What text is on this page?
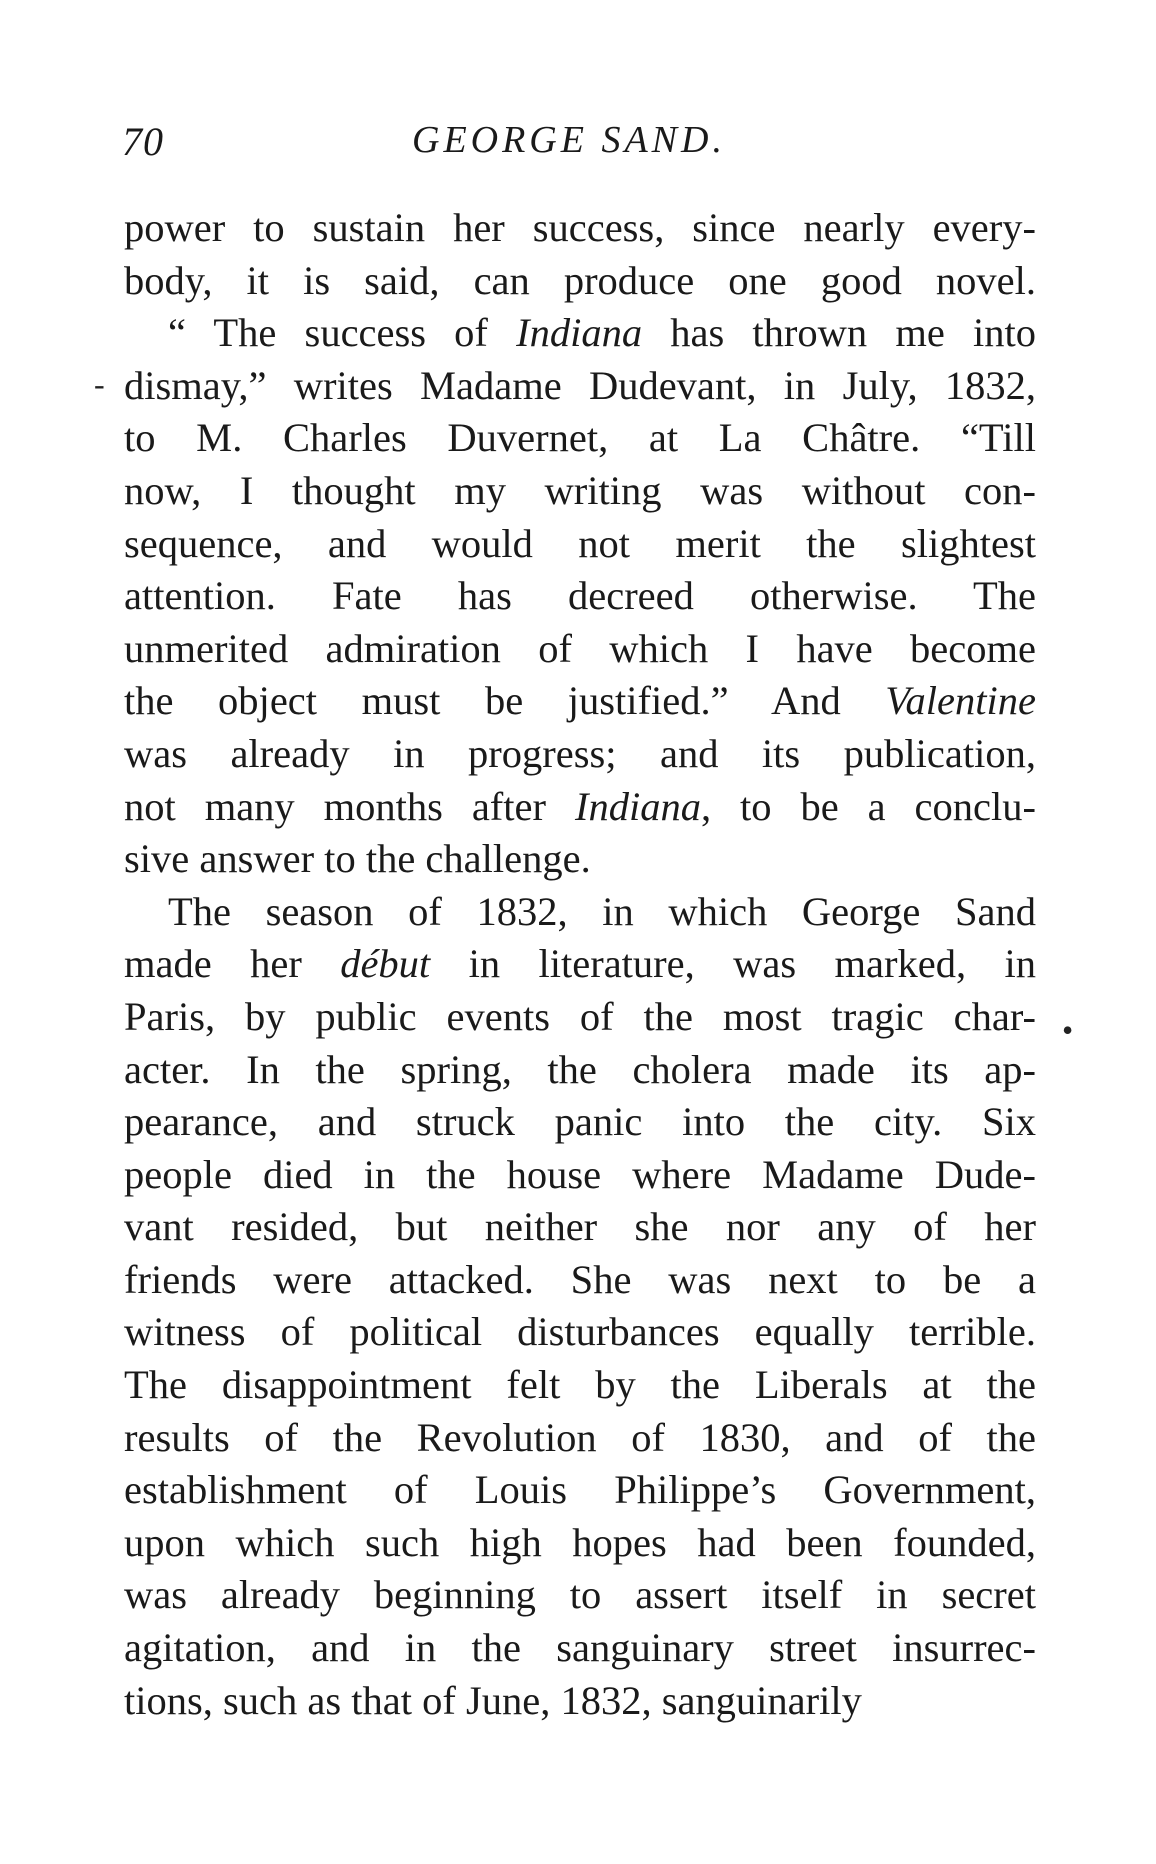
70	GEORGE SAND.
-
•
power to sustain her success, since nearly every-
body, it is said, can produce one good novel.
“ The success of Indiana has thrown me into
dismay,” writes Madame Dudevant, in July, 1832,
to M. Charles Duvernet, at La Châtre. “Till
now, I thought my writing was without con-
sequence, and would not merit the slightest
attention. Fate has decreed otherwise. The
unmerited admiration of which I have become
the object must be justified.” And Valentine
was already in progress; and its publication,
not many months after Indiana, to be a conclu-
sive answer to the challenge.
The season of 1832, in which George Sand
made her début in literature, was marked, in
Paris, by public events of the most tragic char-
acter. In the spring, the cholera made its ap-
pearance, and struck panic into the city. Six
people died in the house where Madame Dude-
vant resided, but neither she nor any of her
friends were attacked. She was next to be a
witness of political disturbances equally terrible.
The disappointment felt by the Liberals at the
results of the Revolution of 1830, and of the
establishment of Louis Philippe’s Government,
upon which such high hopes had been founded,
was already beginning to assert itself in secret
agitation, and in the sanguinary street insurrec-
tions, such as that of June, 1832, sanguinarily
